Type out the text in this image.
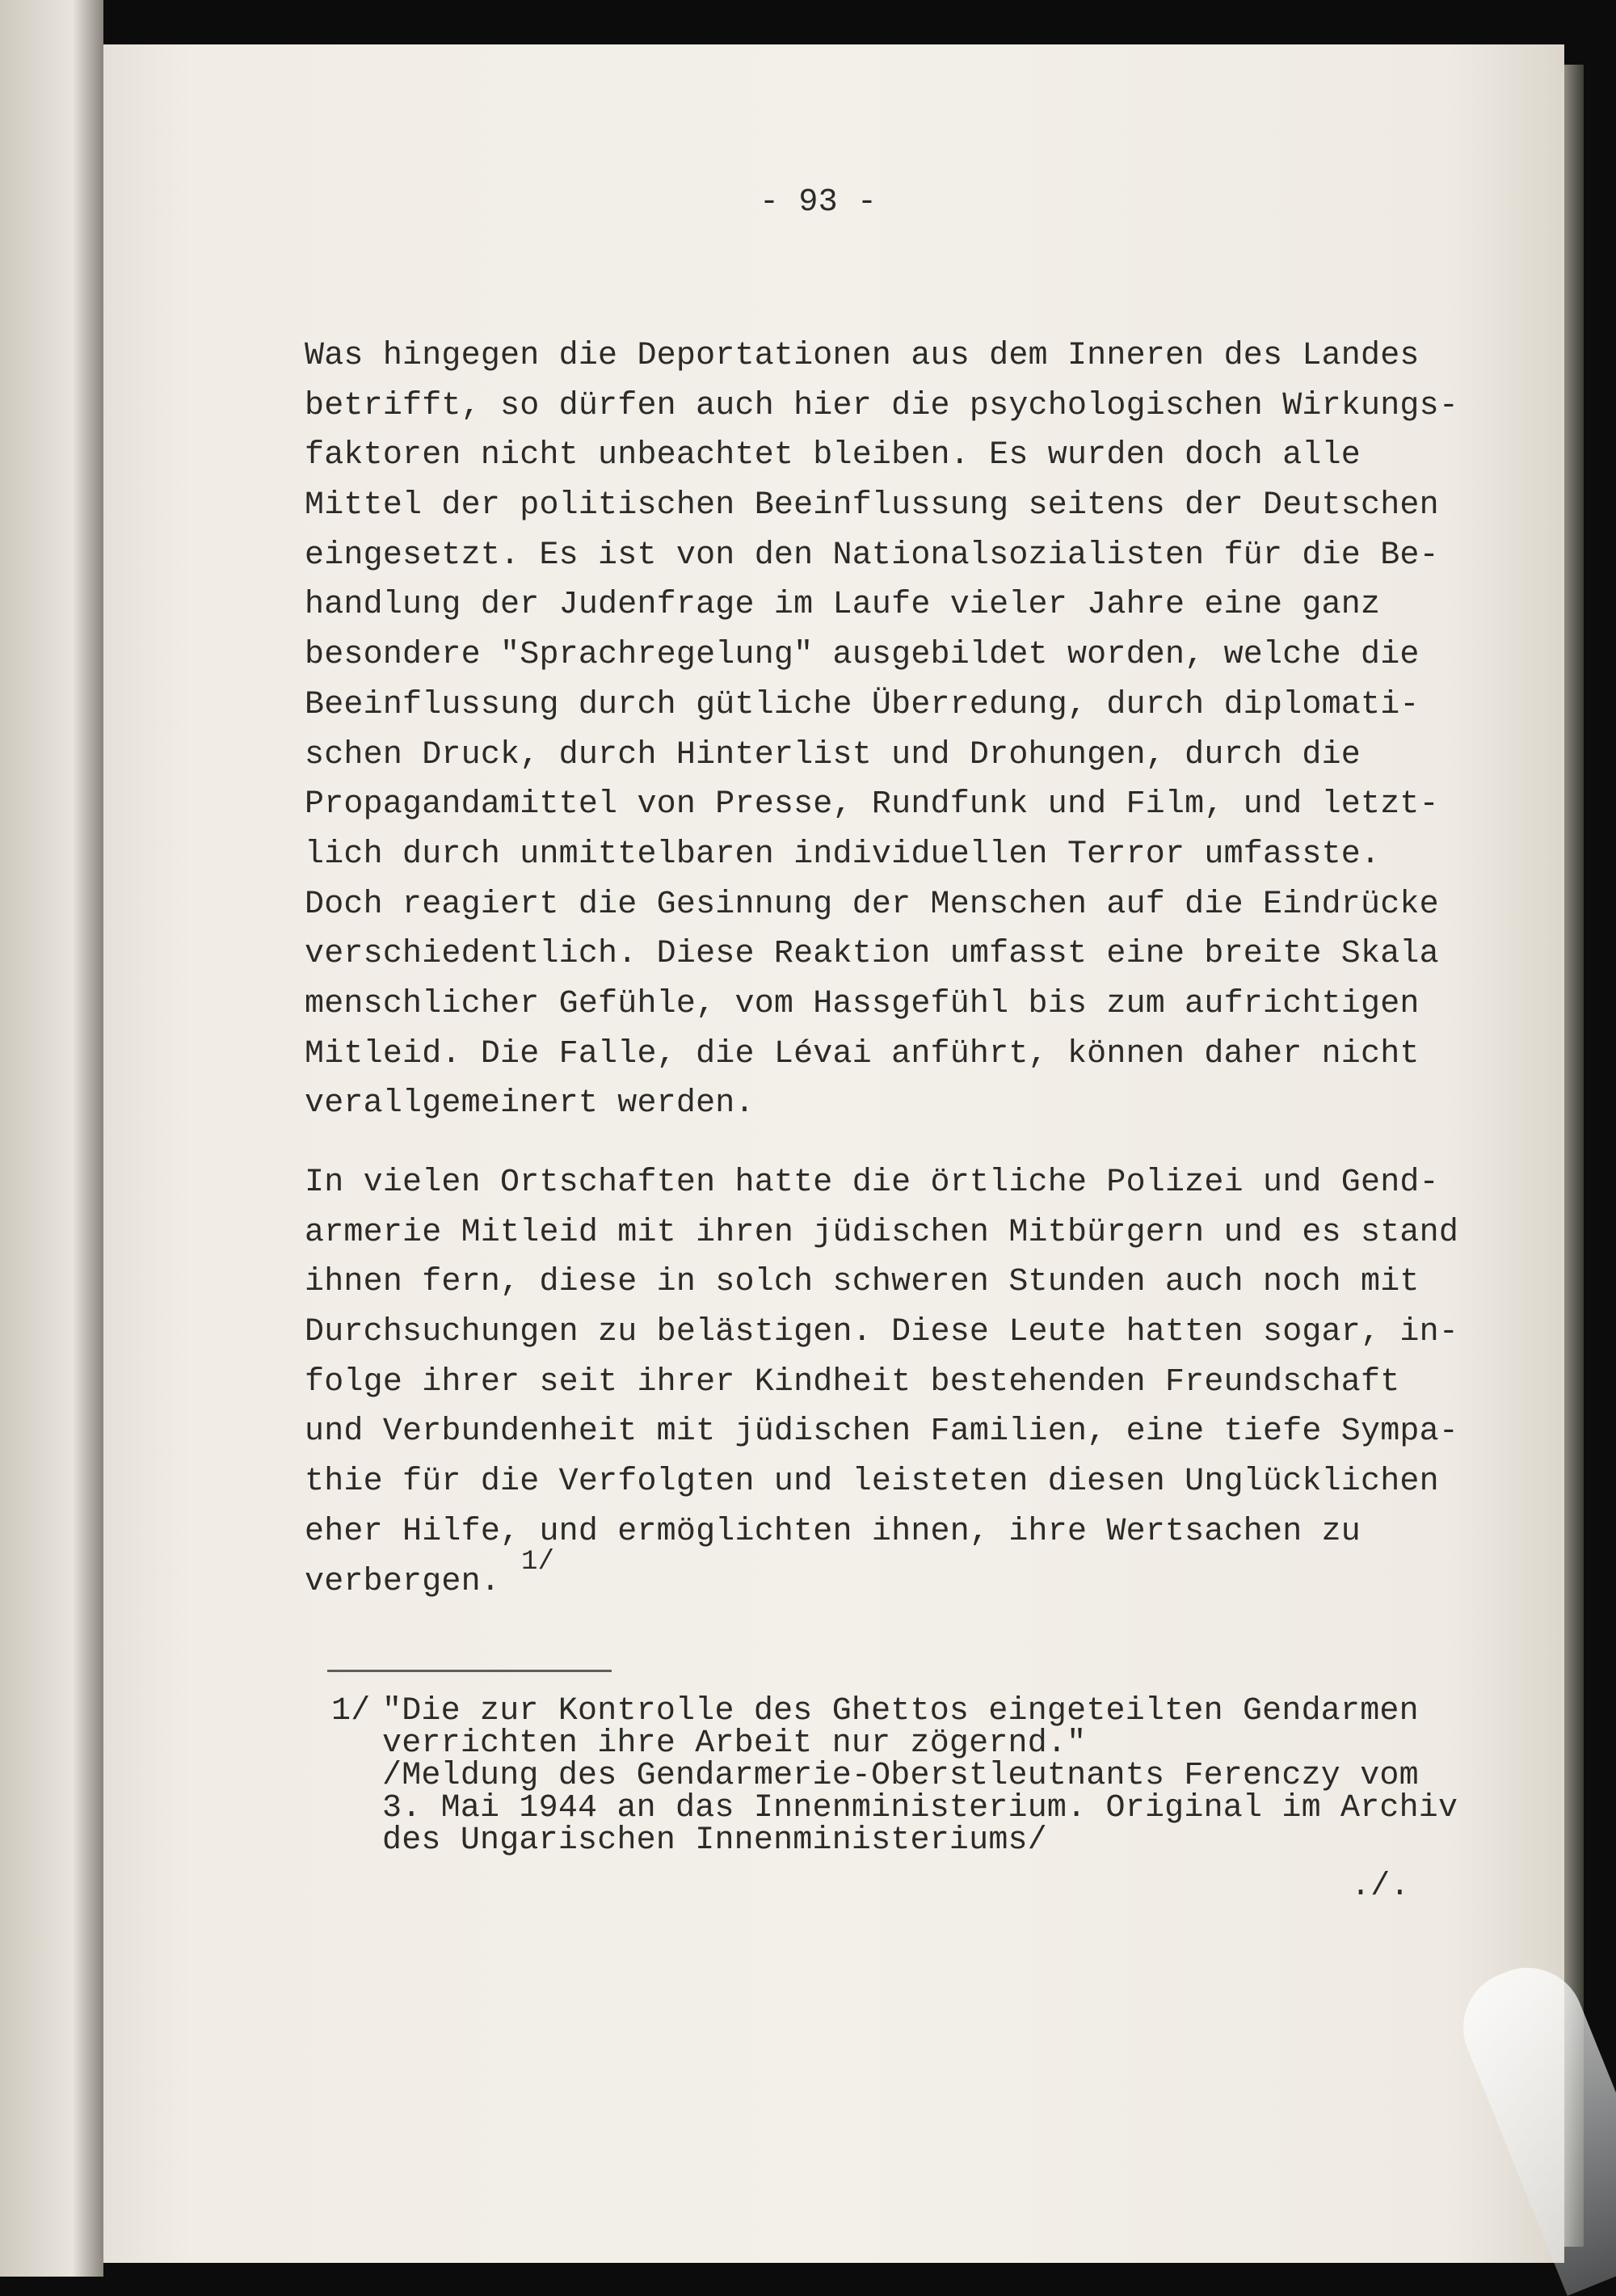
- 93 -
Was hingegen die Deportationen aus dem Inneren des Landes
betrifft, so dürfen auch hier die psychologischen Wirkungs-
faktoren nicht unbeachtet bleiben. Es wurden doch alle
Mittel der politischen Beeinflussung seitens der Deutschen
eingesetzt. Es ist von den Nationalsozialisten für die Be-
handlung der Judenfrage im Laufe vieler Jahre eine ganz
besondere "Sprachregelung" ausgebildet worden, welche die
Beeinflussung durch gütliche Überredung, durch diplomati-
schen Druck, durch Hinterlist und Drohungen, durch die
Propagandamittel von Presse, Rundfunk und Film, und letzt-
lich durch unmittelbaren individuellen Terror umfasste.
Doch reagiert die Gesinnung der Menschen auf die Eindrücke
verschiedentlich. Diese Reaktion umfasst eine breite Skala
menschlicher Gefühle, vom Hassgefühl bis zum aufrichtigen
Mitleid. Die Falle, die Lévai anführt, können daher nicht
verallgemeinert werden.
In vielen Ortschaften hatte die örtliche Polizei und Gend-
armerie Mitleid mit ihren jüdischen Mitbürgern und es stand
ihnen fern, diese in solch schweren Stunden auch noch mit
Durchsuchungen zu belästigen. Diese Leute hatten sogar, in-
folge ihrer seit ihrer Kindheit bestehenden Freundschaft
und Verbundenheit mit jüdischen Familien, eine tiefe Sympa-
thie für die Verfolgten und leisteten diesen Unglücklichen
eher Hilfe, und ermöglichten ihnen, ihre Wertsachen zu
verbergen.$^{1/}$
1/ "Die zur Kontrolle des Ghettos eingeteilten Gendarmen
verrichten ihre Arbeit nur zögernd."
/Meldung des Gendarmerie-Oberstleutnants Ferenczy vom
3. Mai 1944 an das Innenministerium. Original im Archiv
des Ungarischen Innenministeriums/
./.
